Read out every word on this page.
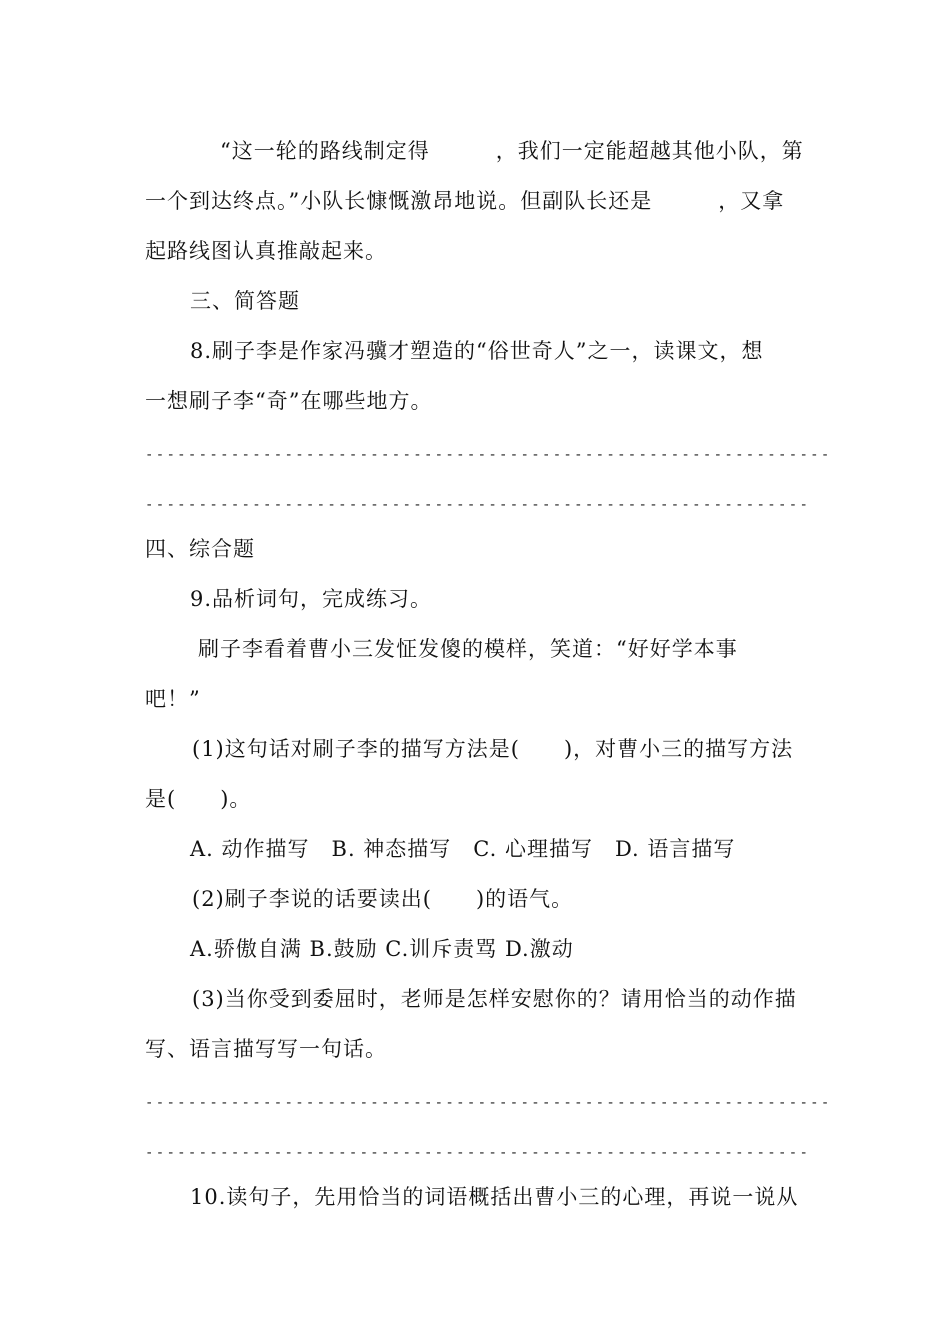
“这一轮的路线制定得　　　，我们一定能超越其他小队，第
一个到达终点。”小队长慷慨激昂地说。但副队长还是　　　，又拿
起路线图认真推敲起来。
三、简答题
8.刷子李是作家冯骥才塑造的“俗世奇人”之一，读课文，想
一想刷子李“奇”在哪些地方。
----------------------------------------------------------------
--------------------------------------------------------------
四、综合题
9.品析词句，完成练习。
刷子李看着曹小三发怔发傻的模样，笑道：“好好学本事
吧！”
(1)这句话对刷子李的描写方法是(　　)，对曹小三的描写方法
是(　　)。
A. 动作描写　B. 神态描写　C. 心理描写　D. 语言描写
(2)刷子李说的话要读出(　　)的语气。
A.骄傲自满 B.鼓励 C.训斥责骂 D.激动
(3)当你受到委屈时，老师是怎样安慰你的？请用恰当的动作描
写、语言描写写一句话。
----------------------------------------------------------------
--------------------------------------------------------------
10.读句子，先用恰当的词语概括出曹小三的心理，再说一说从
